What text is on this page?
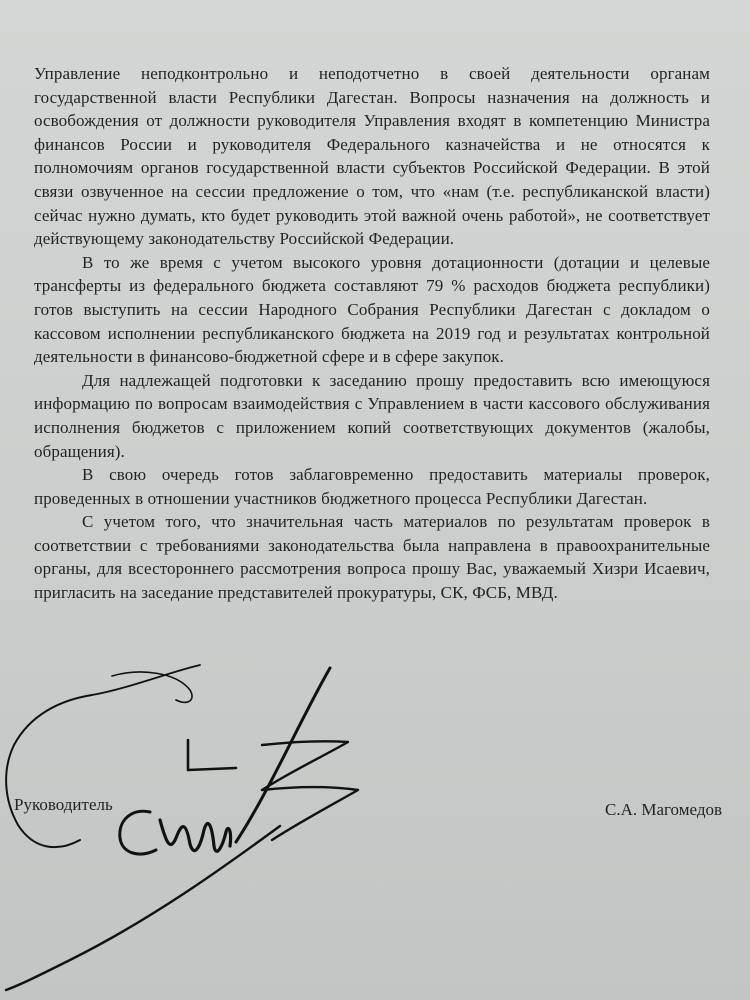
Управление неподконтрольно и неподотчетно в своей деятельности органам государственной власти Республики Дагестан. Вопросы назначения на должность и освобождения от должности руководителя Управления входят в компетенцию Министра финансов России и руководителя Федерального казначейства и не относятся к полномочиям органов государственной власти субъектов Российской Федерации. В этой связи озвученное на сессии предложение о том, что «нам (т.е. республиканской власти) сейчас нужно думать, кто будет руководить этой важной очень работой», не соответствует действующему законодательству Российской Федерации.

В то же время с учетом высокого уровня дотационности (дотации и целевые трансферты из федерального бюджета составляют 79 % расходов бюджета республики) готов выступить на сессии Народного Собрания Республики Дагестан с докладом о кассовом исполнении республиканского бюджета на 2019 год и результатах контрольной деятельности в финансово-бюджетной сфере и в сфере закупок.

Для надлежащей подготовки к заседанию прошу предоставить всю имеющуюся информацию по вопросам взаимодействия с Управлением в части кассового обслуживания исполнения бюджетов с приложением копий соответствующих документов (жалобы, обращения).

В свою очередь готов заблаговременно предоставить материалы проверок, проведенных в отношении участников бюджетного процесса Республики Дагестан.

С учетом того, что значительная часть материалов по результатам проверок в соответствии с требованиями законодательства была направлена в правоохранительные органы, для всестороннего рассмотрения вопроса прошу Вас, уважаемый Хизри Исаевич, пригласить на заседание представителей прокуратуры, СК, ФСБ, МВД.

Руководитель	С.А. Магомедов
